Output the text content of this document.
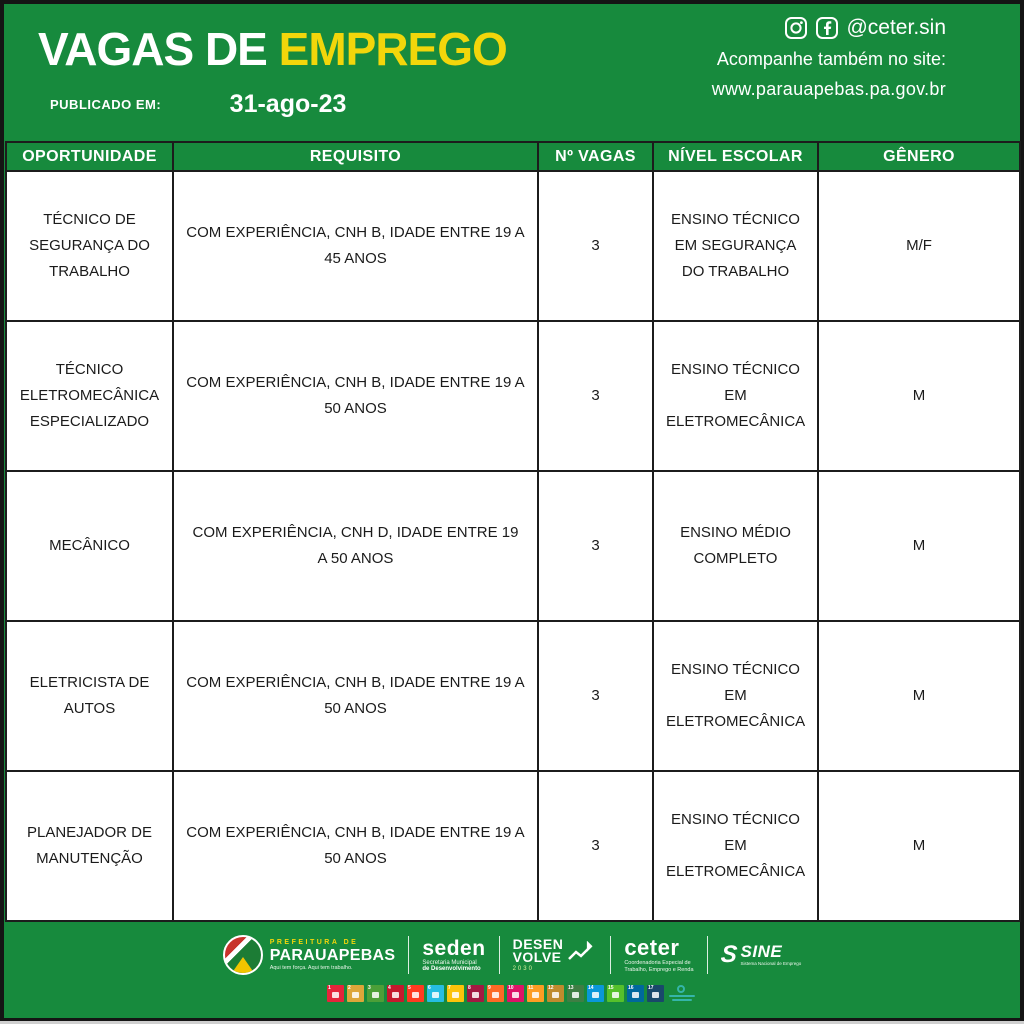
VAGAS DE EMPREGO
PUBLICADO EM:	31-ago-23
@ceter.sin
Acompanhe também no site:
www.parauapebas.pa.gov.br
OPORTUNIDADE	REQUISITO	Nº VAGAS	NÍVEL ESCOLAR	GÊNERO
TÉCNICO DE SEGURANÇA DO TRABALHO	COM EXPERIÊNCIA, CNH B, IDADE ENTRE 19 A 45 ANOS	3	ENSINO TÉCNICO EM SEGURANÇA DO TRABALHO	M/F
TÉCNICO ELETROMECÂNICA ESPECIALIZADO	COM EXPERIÊNCIA, CNH B, IDADE ENTRE 19 A 50 ANOS	3	ENSINO TÉCNICO EM ELETROMECÂNICA	M
MECÂNICO	COM EXPERIÊNCIA, CNH D, IDADE ENTRE 19 A 50 ANOS	3	ENSINO MÉDIO COMPLETO	M
ELETRICISTA DE AUTOS	COM EXPERIÊNCIA, CNH B, IDADE ENTRE 19 A 50 ANOS	3	ENSINO TÉCNICO EM ELETROMECÂNICA	M
PLANEJADOR DE MANUTENÇÃO	COM EXPERIÊNCIA, CNH B, IDADE ENTRE 19 A 50 ANOS	3	ENSINO TÉCNICO EM ELETROMECÂNICA	M
PREFEITURA DE
PARAUAPEBAS
Aqui tem força. Aqui tem trabalho.
seden
Secretaria Municipal
de Desenvolvimento
DESEN
VOLVE
2030
ceter
Coordenadoria Especial de
Trabalho, Emprego e Renda
S SINE
Sistema Nacional de Emprego
1	2	3	4	5	6	7	8	9	10	11	12	13	14	15	16	17
